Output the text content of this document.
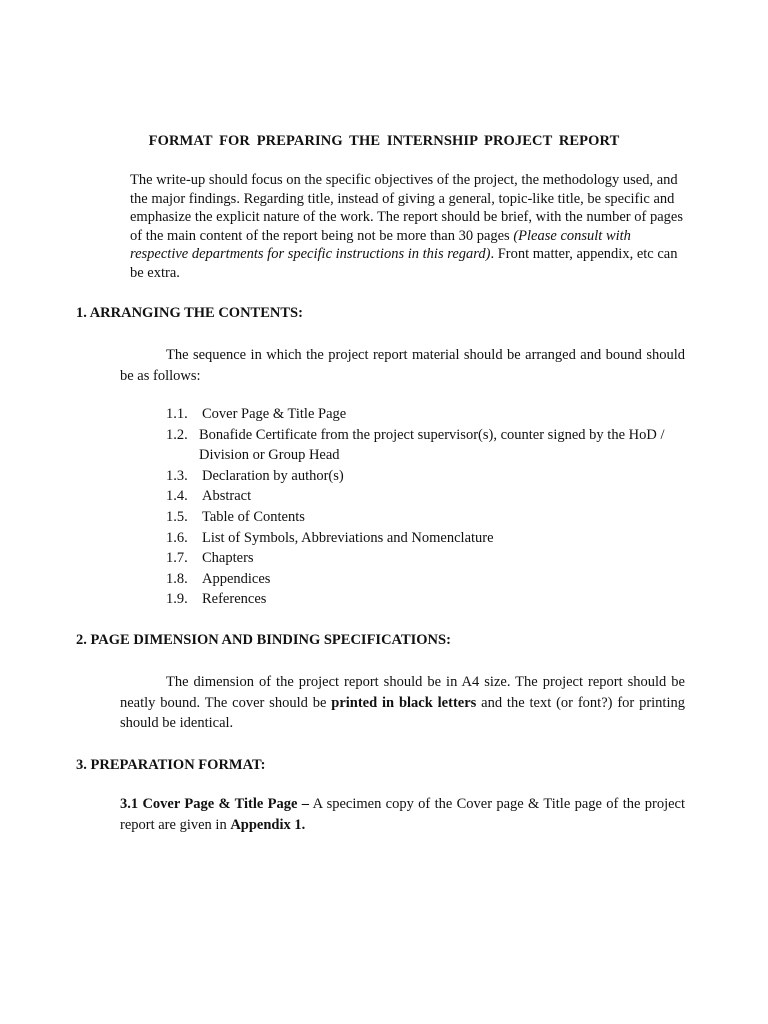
FORMAT FOR PREPARING THE INTERNSHIP PROJECT REPORT
The write-up should focus on the specific objectives of the project, the methodology used, and the major findings. Regarding title, instead of giving a general, topic-like title, be specific and emphasize the explicit nature of the work. The report should be brief, with the number of pages of the main content of the report being not be more than 30 pages (Please consult with respective departments for specific instructions in this regard). Front matter, appendix, etc can be extra.
1. ARRANGING THE CONTENTS:
The sequence in which the project report material should be arranged and bound should be as follows:
1.1. Cover Page & Title Page
1.2. Bonafide Certificate from the project supervisor(s), counter signed by the HoD / Division or Group Head
1.3. Declaration by author(s)
1.4. Abstract
1.5. Table of Contents
1.6. List of Symbols, Abbreviations and Nomenclature
1.7. Chapters
1.8. Appendices
1.9. References
2. PAGE DIMENSION AND BINDING SPECIFICATIONS:
The dimension of the project report should be in A4 size. The project report should be neatly bound. The cover should be printed in black letters and the text (or font?) for printing should be identical.
3. PREPARATION FORMAT:
3.1 Cover Page & Title Page – A specimen copy of the Cover page & Title page of the project report are given in Appendix 1.
